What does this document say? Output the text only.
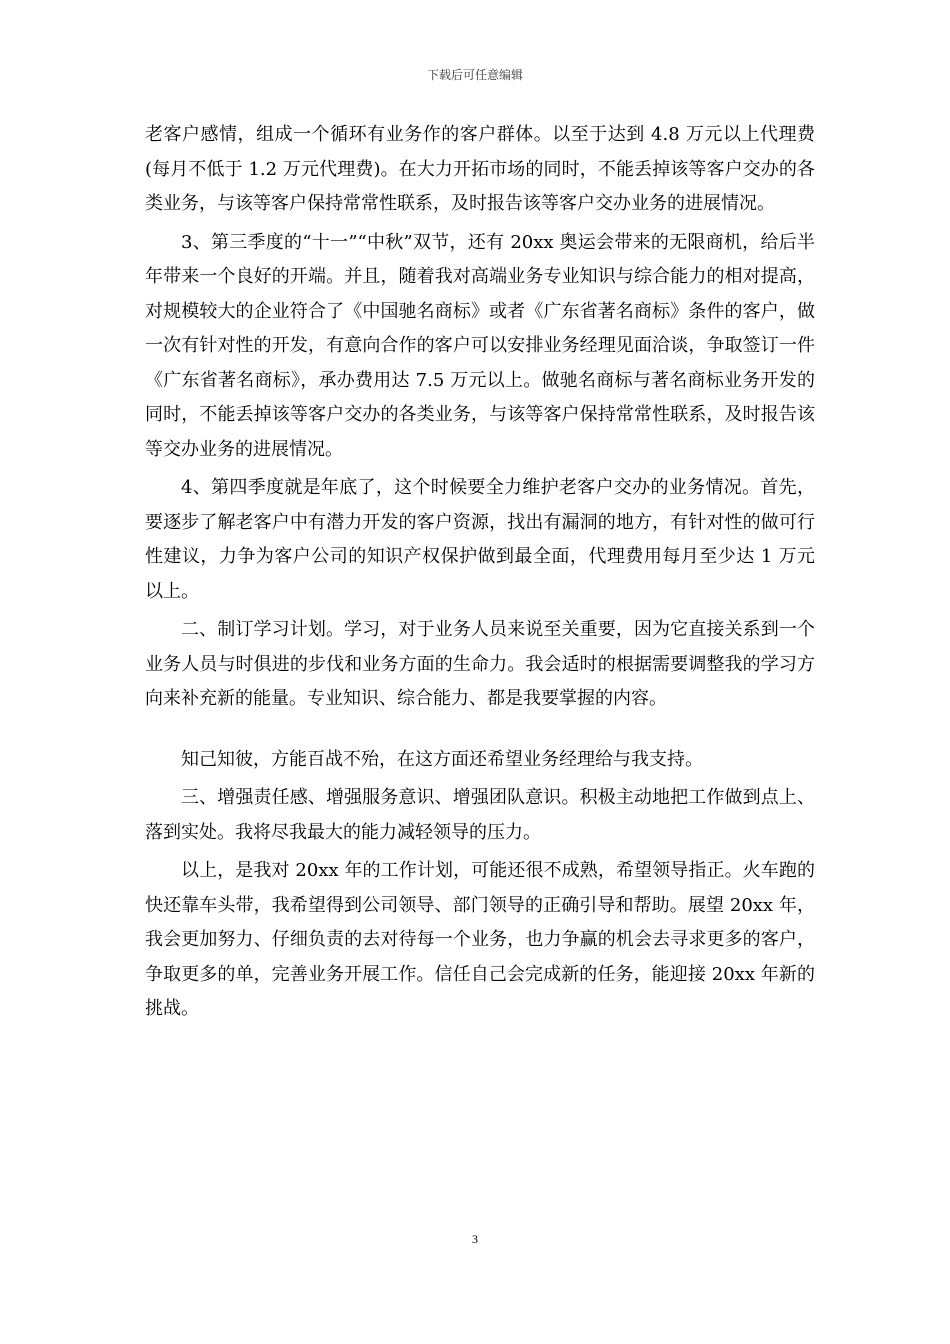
下载后可任意编辑

老客户感情，组成一个循环有业务作的客户群体。以至于达到 4.8 万元以上代理费(每月不低于 1.2 万元代理费)。在大力开拓市场的同时，不能丢掉该等客户交办的各类业务，与该等客户保持常常性联系，及时报告该等客户交办业务的进展情况。

3、第三季度的“十一”“中秋”双节，还有 20xx 奥运会带来的无限商机，给后半年带来一个良好的开端。并且，随着我对高端业务专业知识与综合能力的相对提高，对规模较大的企业符合了《中国驰名商标》或者《广东省著名商标》条件的客户，做一次有针对性的开发，有意向合作的客户可以安排业务经理见面洽谈，争取签订一件《广东省著名商标》，承办费用达 7.5 万元以上。做驰名商标与著名商标业务开发的同时，不能丢掉该等客户交办的各类业务，与该等客户保持常常性联系，及时报告该等交办业务的进展情况。

4、第四季度就是年底了，这个时候要全力维护老客户交办的业务情况。首先，要逐步了解老客户中有潜力开发的客户资源，找出有漏洞的地方，有针对性的做可行性建议，力争为客户公司的知识产权保护做到最全面，代理费用每月至少达 1 万元以上。

二、制订学习计划。学习，对于业务人员来说至关重要，因为它直接关系到一个业务人员与时俱进的步伐和业务方面的生命力。我会适时的根据需要调整我的学习方向来补充新的能量。专业知识、综合能力、都是我要掌握的内容。

知己知彼，方能百战不殆，在这方面还希望业务经理给与我支持。

三、增强责任感、增强服务意识、增强团队意识。积极主动地把工作做到点上、落到实处。我将尽我最大的能力减轻领导的压力。

以上，是我对 20xx 年的工作计划，可能还很不成熟，希望领导指正。火车跑的快还靠车头带，我希望得到公司领导、部门领导的正确引导和帮助。展望 20xx 年，我会更加努力、仔细负责的去对待每一个业务，也力争赢的机会去寻求更多的客户，争取更多的单，完善业务开展工作。信任自己会完成新的任务，能迎接 20xx 年新的挑战。

3
